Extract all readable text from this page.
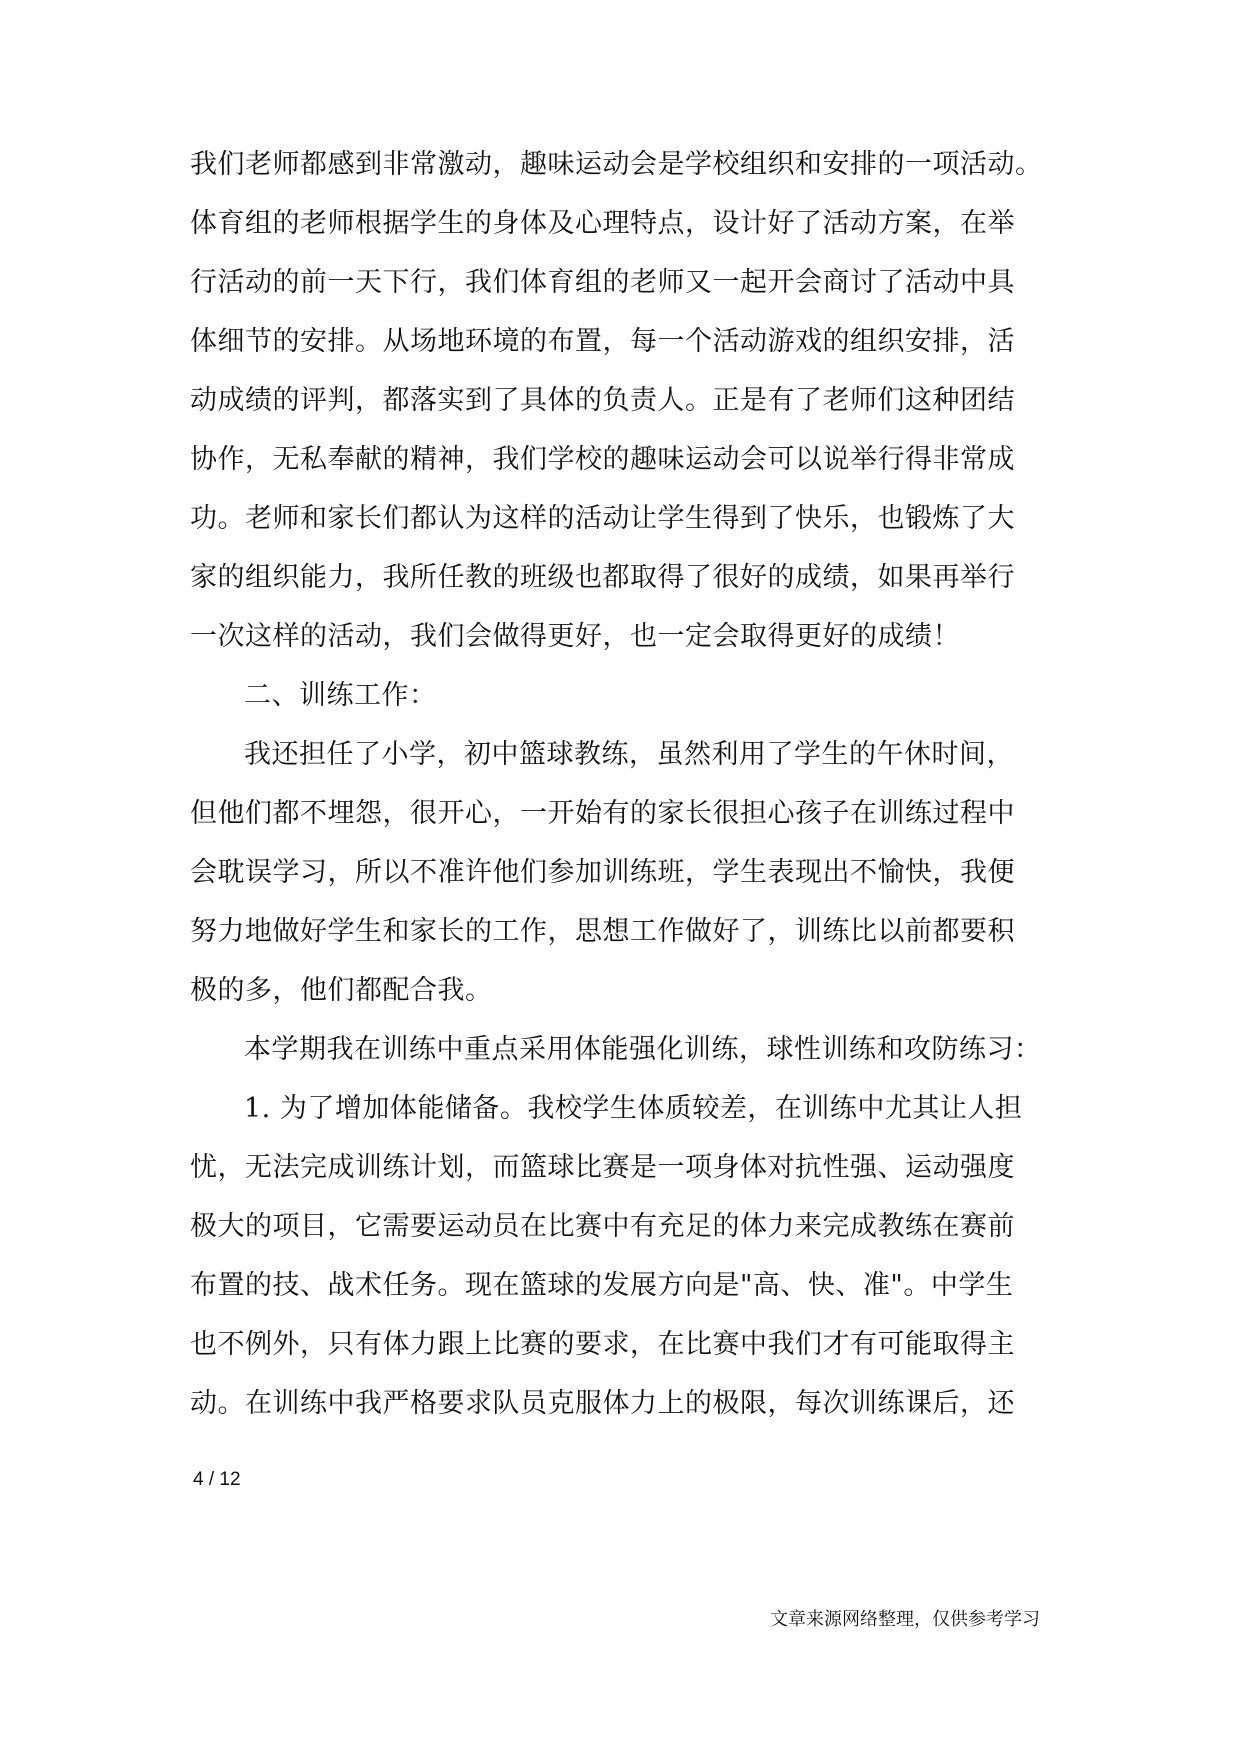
我们老师都感到非常激动，趣味运动会是学校组织和安排的一项活动。
体育组的老师根据学生的身体及心理特点，设计好了活动方案，在举
行活动的前一天下行，我们体育组的老师又一起开会商讨了活动中具
体细节的安排。从场地环境的布置，每一个活动游戏的组织安排，活
动成绩的评判，都落实到了具体的负责人。正是有了老师们这种团结
协作，无私奉献的精神，我们学校的趣味运动会可以说举行得非常成
功。老师和家长们都认为这样的活动让学生得到了快乐，也锻炼了大
家的组织能力，我所任教的班级也都取得了很好的成绩，如果再举行
一次这样的活动，我们会做得更好，也一定会取得更好的成绩！
二、训练工作：
我还担任了小学，初中篮球教练，虽然利用了学生的午休时间，
但他们都不埋怨，很开心，一开始有的家长很担心孩子在训练过程中
会耽误学习，所以不准许他们参加训练班，学生表现出不愉快，我便
努力地做好学生和家长的工作，思想工作做好了，训练比以前都要积
极的多，他们都配合我。
本学期我在训练中重点采用体能强化训练，球性训练和攻防练习：
1. 为了增加体能储备。我校学生体质较差，在训练中尤其让人担
忧，无法完成训练计划，而篮球比赛是一项身体对抗性强、运动强度
极大的项目，它需要运动员在比赛中有充足的体力来完成教练在赛前
布置的技、战术任务。现在篮球的发展方向是"高、快、准"。中学生
也不例外，只有体力跟上比赛的要求，在比赛中我们才有可能取得主
动。在训练中我严格要求队员克服体力上的极限，每次训练课后，还
4 / 12
文章来源网络整理，仅供参考学习
